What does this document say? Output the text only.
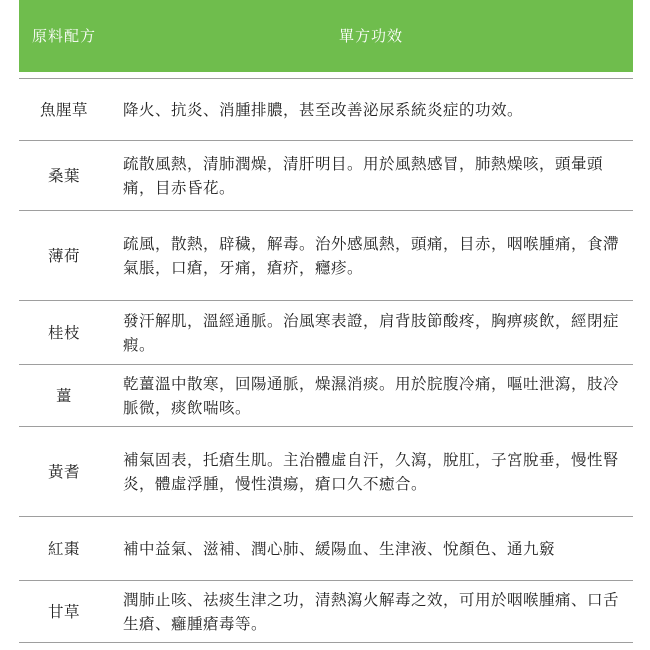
原料配方	單方功效

魚腥草	降火、抗炎、消腫排膿，甚至改善泌尿系統炎症的功效。
桑葉	疏散風熱，清肺潤燥，清肝明目。用於風熱感冒，肺熱燥咳，頭暈頭痛，目赤昏花。
薄荷	疏風，散熱，辟穢，解毒。治外感風熱，頭痛，目赤，咽喉腫痛，食滯氣脹，口瘡，牙痛，瘡疥，癮疹。
桂枝	發汗解肌，溫經通脈。治風寒表證，肩背肢節酸疼，胸痹痰飲，經閉症瘕。
薑	乾薑溫中散寒，回陽通脈，燥濕消痰。用於脘腹冷痛，嘔吐泄瀉，肢冷脈微，痰飲喘咳。
黃耆	補氣固表，托瘡生肌。主治體虛自汗，久瀉，脫肛，子宮脫垂，慢性腎炎，體虛浮腫，慢性潰瘍，瘡口久不癒合。
紅棗	補中益氣、滋補、潤心肺、緩陽血、生津液、悅顏色、通九竅
甘草	潤肺止咳、祛痰生津之功，清熱瀉火解毒之效，可用於咽喉腫痛、口舌生瘡、癰腫瘡毒等。
